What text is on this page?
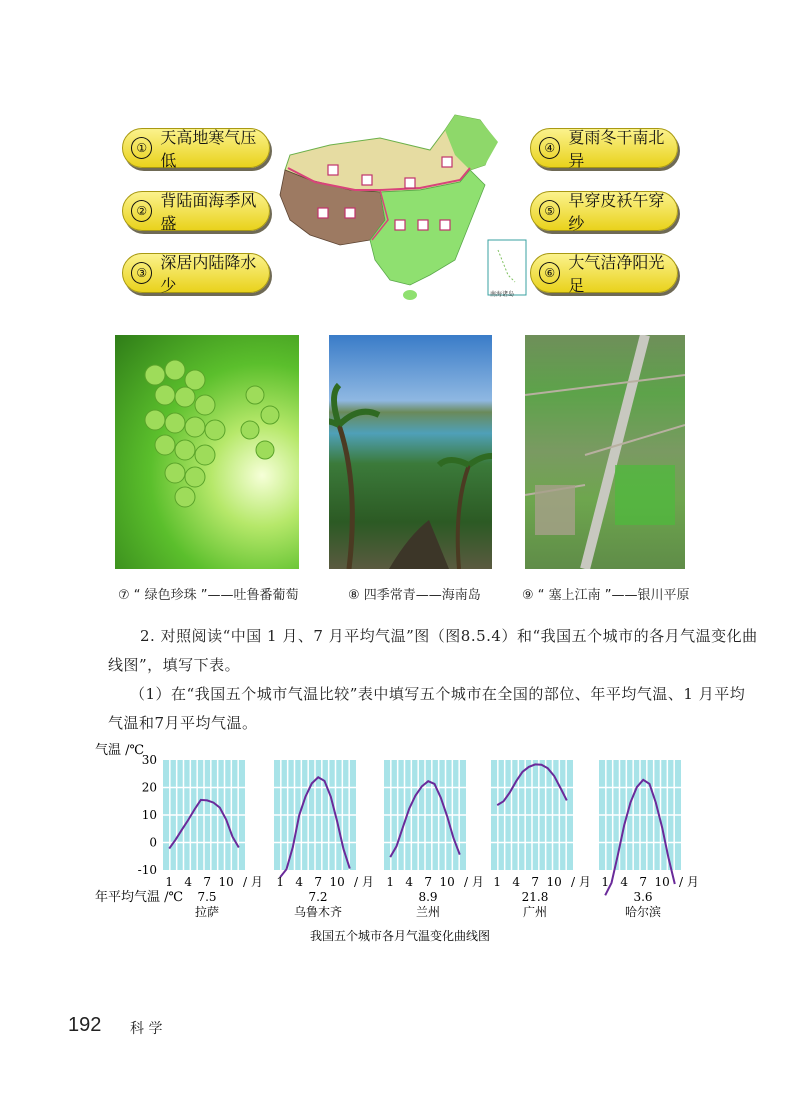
①
天高地寒气压低
②
背陆面海季风盛
③
深居内陆降水少
④
夏雨冬干南北异
⑤
早穿皮袄午穿纱
⑥
大气洁净阳光足
南海诸岛
⑦ “ 绿色珍珠 ”——吐鲁番葡萄	⑧ 四季常青——海南岛	⑨ “ 塞上江南 ”——银川平原
2. 对照阅读“中国 1 月、7 月平均气温”图（图8.5.4）和“我国五个城市的各月气温变化曲
线图”，填写下表。
（1）在“我国五个城市气温比较”表中填写五个城市在全国的部位、年平均气温、1 月平均
气温和7月平均气温。
气温 /℃
30
20
10
0
-10
1 4 7 10 / 月
7.5
拉萨
1 4 7 10 / 月
7.2
乌鲁木齐
1 4 7 10 / 月
8.9
兰州
1 4 7 10 / 月
21.8
广州
1 4 7 10 / 月
3.6
哈尔滨
年平均气温 /℃
我国五个城市各月气温变化曲线图
192 科 学
